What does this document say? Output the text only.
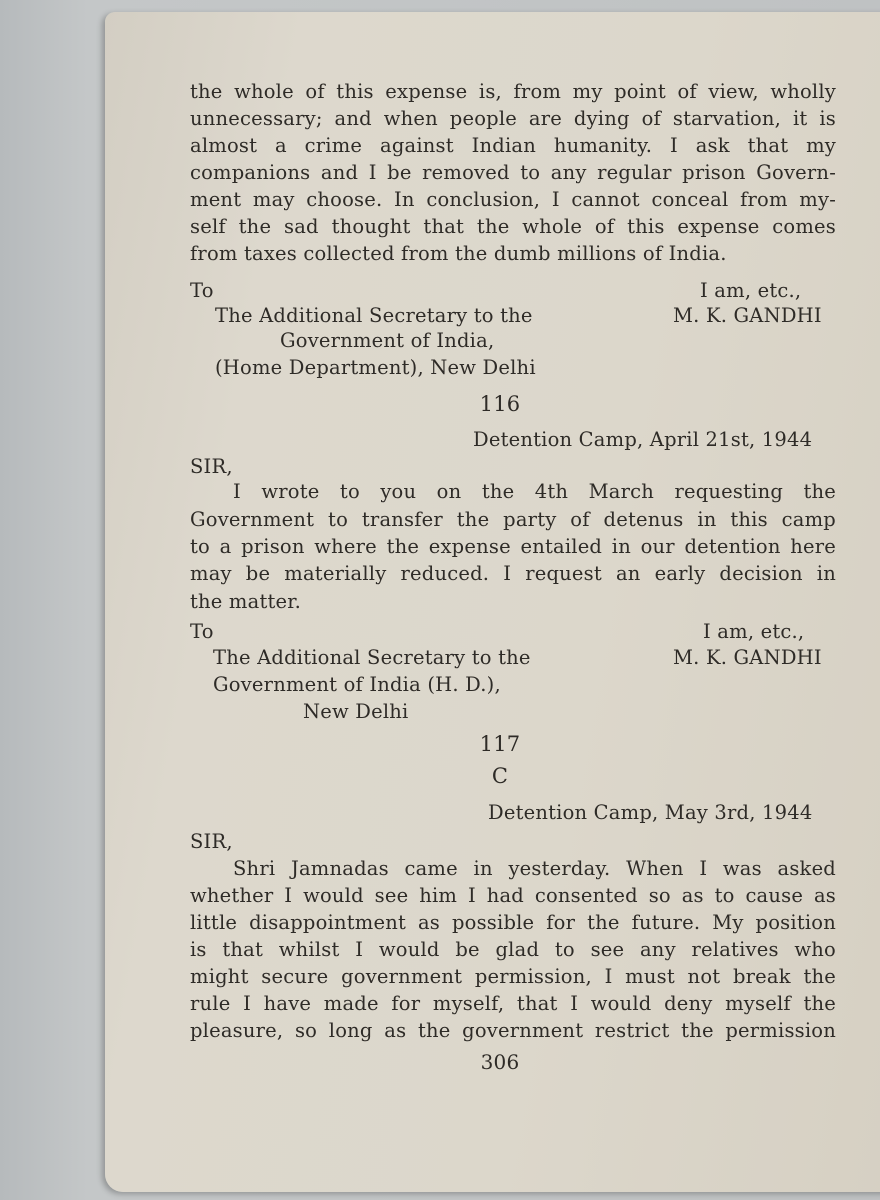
the whole of this expense is, from my point of view, wholly
unnecessary; and when people are dying of starvation, it is
almost a crime against Indian humanity. I ask that my
companions and I be removed to any regular prison Govern-
ment may choose. In conclusion, I cannot conceal from my-
self the sad thought that the whole of this expense comes
from taxes collected from the dumb millions of India.
To	I am, etc.,
The Additional Secretary to the	M. K. GANDHI
Government of India,
(Home Department), New Delhi
116
Detention Camp, April 21st, 1944
SIR,
I wrote to you on the 4th March requesting the
Government to transfer the party of detenus in this camp
to a prison where the expense entailed in our detention here
may be materially reduced. I request an early decision in
the matter.
To	I am, etc.,
The Additional Secretary to the	M. K. GANDHI
Government of India (H. D.),
New Delhi
117
C
Detention Camp, May 3rd, 1944
SIR,
Shri Jamnadas came in yesterday. When I was asked
whether I would see him I had consented so as to cause as
little disappointment as possible for the future. My position
is that whilst I would be glad to see any relatives who
might secure government permission, I must not break the
rule I have made for myself, that I would deny myself the
pleasure, so long as the government restrict the permission
306
